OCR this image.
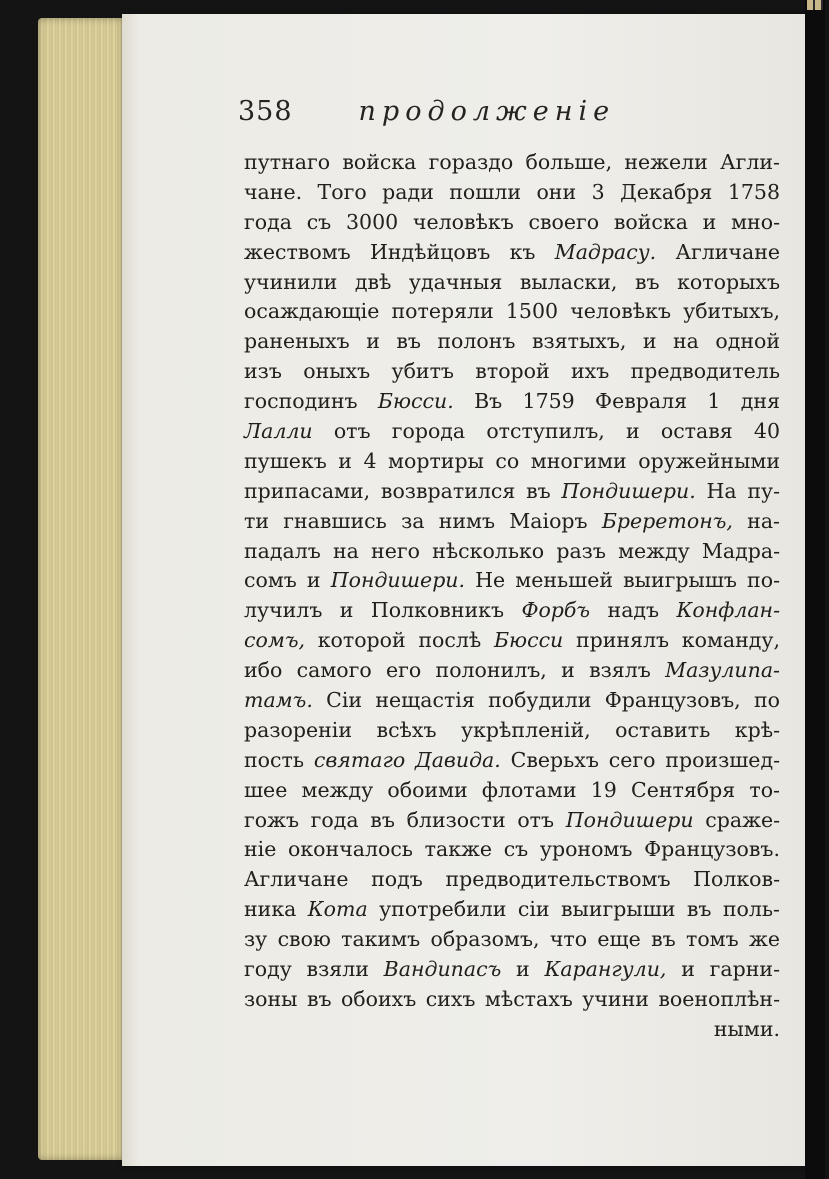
358 продолженіе
путнаго войска гораздо больше, нежели Агли-
чане. Того ради пошли они 3 Декабря 1758
года съ 3000 человѣкъ своего войска и мно-
жествомъ Индѣйцовъ къ Мадрасу. Агличане
учинили двѣ удачныя выласки, въ которыхъ
осаждающіе потеряли 1500 человѣкъ убитыхъ,
раненыхъ и въ полонъ взятыхъ, и на одной
изъ оныхъ убитъ второй ихъ предводитель
господинъ Бюсси. Въ 1759 Февраля 1 дня
Лалли отъ города отступилъ, и оставя 40
пушекъ и 4 мортиры со многими оружейными
припасами, возвратился въ Пондишери. На пу-
ти гнавшись за нимъ Маіоръ Бреретонъ, на-
падалъ на него нѣсколько разъ между Мадра-
сомъ и Пондишери. Не меньшей выигрышъ по-
лучилъ и Полковникъ Форбъ надъ Конфлан-
сомъ, которой послѣ Бюсси принялъ команду,
ибо самого его полонилъ, и взялъ Мазулипа-
тамъ. Сіи нещастія побудили Французовъ, по
разореніи всѣхъ укрѣпленій, оставить крѣ-
пость святаго Давида. Сверьхъ сего произшед-
шее между обоими флотами 19 Сентября то-
гожъ года въ близости отъ Пондишери сраже-
ніе окончалось также съ урономъ Французовъ.
Агличане подъ предводительствомъ Полков-
ника Кота употребили сіи выигрыши въ поль-
зу свою такимъ образомъ, что еще въ томъ же
году взяли Вандипасъ и Карангули, и гарни-
зоны въ обоихъ сихъ мѣстахъ учини военоплѣн-
ными.
